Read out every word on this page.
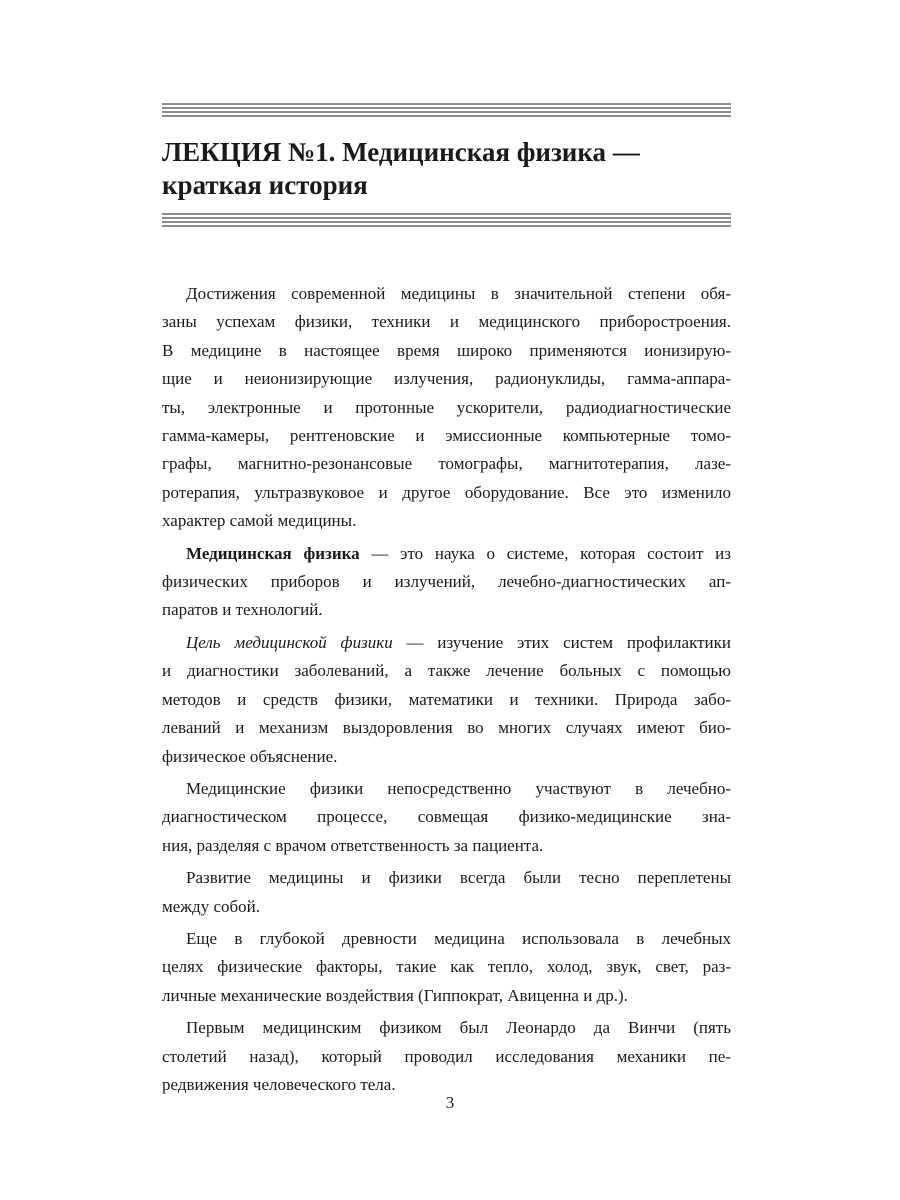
ЛЕКЦИЯ №1. Медицинская физика —
краткая история
Достижения современной медицины в значительной степени обя-
заны успехам физики, техники и медицинского приборостроения.
В медицине в настоящее время широко применяются ионизирую-
щие и неионизирующие излучения, радионуклиды, гамма-аппара-
ты, электронные и протонные ускорители, радиодиагностические
гамма-камеры, рентгеновские и эмиссионные компьютерные томо-
графы, магнитно-резонансовые томографы, магнитотерапия, лазе-
ротерапия, ультразвуковое и другое оборудование. Все это изменило
характер самой медицины.
Медицинская физика — это наука о системе, которая состоит из
физических приборов и излучений, лечебно-диагностических ап-
паратов и технологий.
Цель медицинской физики — изучение этих систем профилактики
и диагностики заболеваний, а также лечение больных с помощью
методов и средств физики, математики и техники. Природа забо-
леваний и механизм выздоровления во многих случаях имеют био-
физическое объяснение.
Медицинские физики непосредственно участвуют в лечебно-
диагностическом процессе, совмещая физико-медицинские зна-
ния, разделяя с врачом ответственность за пациента.
Развитие медицины и физики всегда были тесно переплетены
между собой.
Еще в глубокой древности медицина использовала в лечебных
целях физические факторы, такие как тепло, холод, звук, свет, раз-
личные механические воздействия (Гиппократ, Авиценна и др.).
Первым медицинским физиком был Леонардо да Винчи (пять
столетий назад), который проводил исследования механики пе-
редвижения человеческого тела.
3
